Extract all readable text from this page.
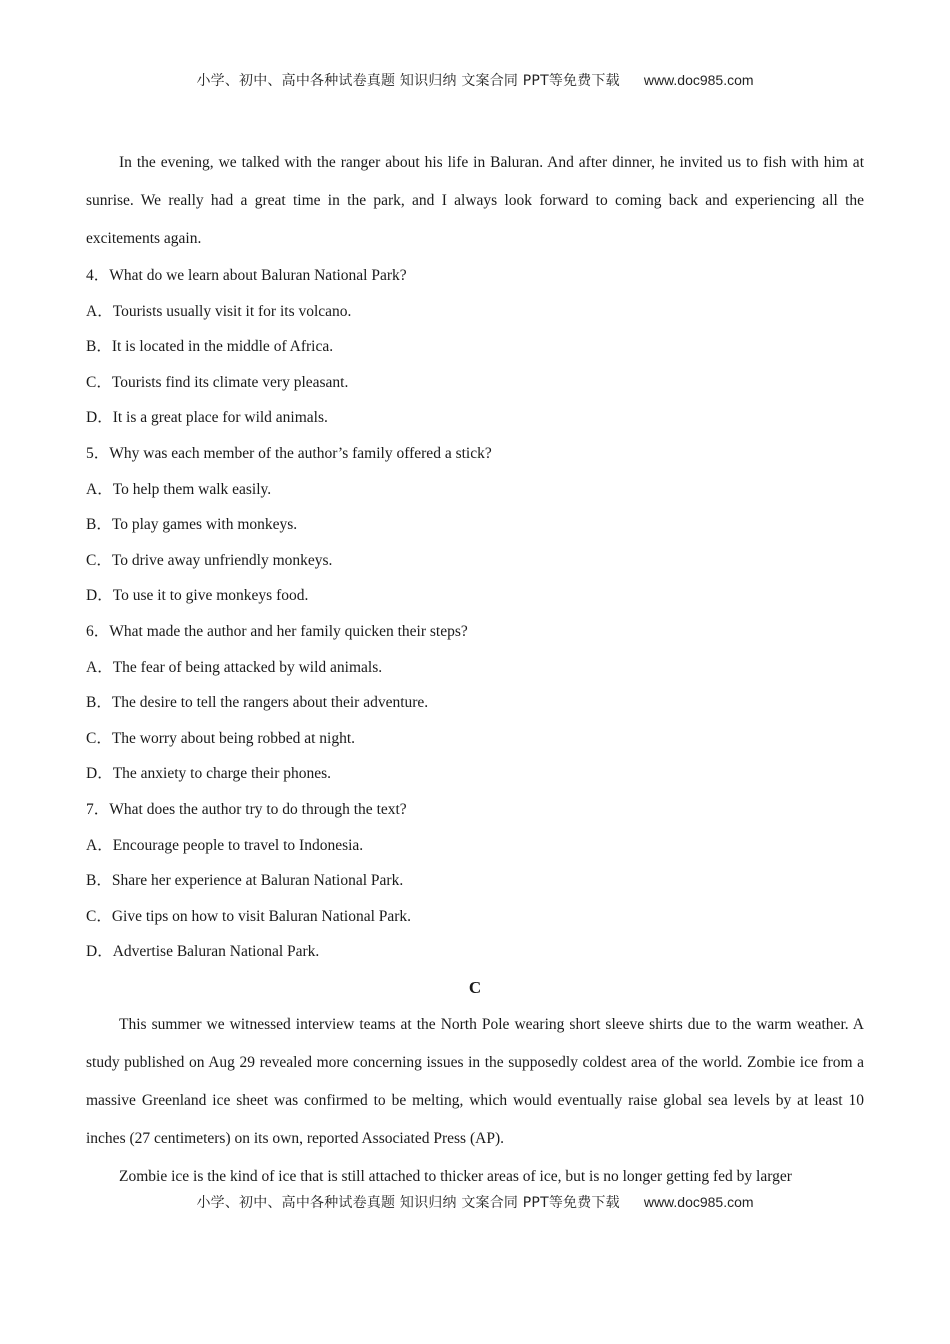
小学、初中、高中各种试卷真题 知识归纳 文案合同 PPT等免费下载 www.doc985.com

In the evening, we talked with the ranger about his life in Baluran. And after dinner, he invited us to fish with him at sunrise. We really had a great time in the park, and I always look forward to coming back and experiencing all the excitements again.

4．What do we learn about Baluran National Park?

A．Tourists usually visit it for its volcano.

B．It is located in the middle of Africa.

C．Tourists find its climate very pleasant.

D．It is a great place for wild animals.

5．Why was each member of the author’s family offered a stick?

A．To help them walk easily.

B．To play games with monkeys.

C．To drive away unfriendly monkeys.

D．To use it to give monkeys food.

6．What made the author and her family quicken their steps?

A．The fear of being attacked by wild animals.

B．The desire to tell the rangers about their adventure.

C．The worry about being robbed at night.

D．The anxiety to charge their phones.

7．What does the author try to do through the text?

A．Encourage people to travel to Indonesia.

B．Share her experience at Baluran National Park.

C．Give tips on how to visit Baluran National Park.

D．Advertise Baluran National Park.

C

This summer we witnessed interview teams at the North Pole wearing short sleeve shirts due to the warm weather. A study published on Aug 29 revealed more concerning issues in the supposedly coldest area of the world. Zombie ice from a massive Greenland ice sheet was confirmed to be melting, which would eventually raise global sea levels by at least 10 inches (27 centimeters) on its own, reported Associated Press (AP).

Zombie ice is the kind of ice that is still attached to thicker areas of ice, but is no longer getting fed by larger

小学、初中、高中各种试卷真题 知识归纳 文案合同 PPT等免费下载 www.doc985.com
